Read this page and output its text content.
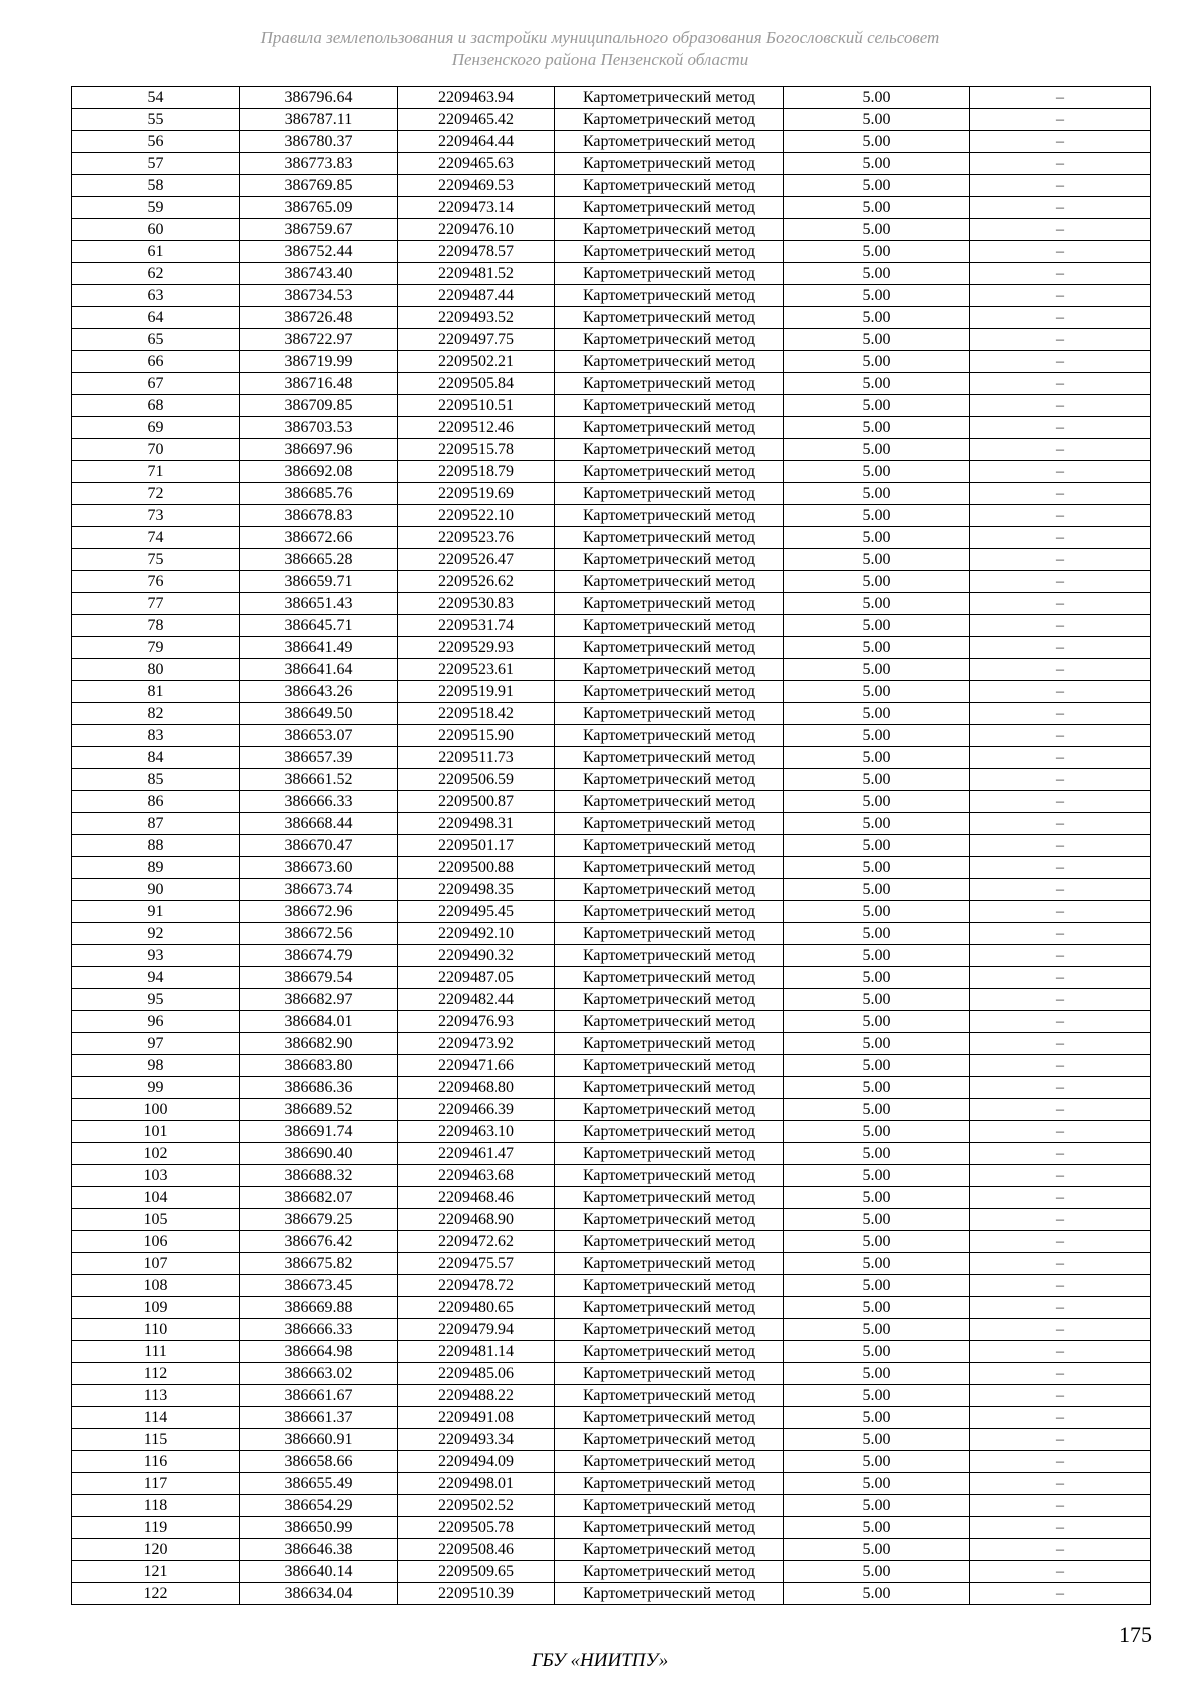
Правила землепользования и застройки муниципального образования Богословский сельсовет
Пензенского района Пензенской области
54	386796.64	2209463.94	Картометрический метод	5.00	–
55	386787.11	2209465.42	Картометрический метод	5.00	–
56	386780.37	2209464.44	Картометрический метод	5.00	–
57	386773.83	2209465.63	Картометрический метод	5.00	–
58	386769.85	2209469.53	Картометрический метод	5.00	–
59	386765.09	2209473.14	Картометрический метод	5.00	–
60	386759.67	2209476.10	Картометрический метод	5.00	–
61	386752.44	2209478.57	Картометрический метод	5.00	–
62	386743.40	2209481.52	Картометрический метод	5.00	–
63	386734.53	2209487.44	Картометрический метод	5.00	–
64	386726.48	2209493.52	Картометрический метод	5.00	–
65	386722.97	2209497.75	Картометрический метод	5.00	–
66	386719.99	2209502.21	Картометрический метод	5.00	–
67	386716.48	2209505.84	Картометрический метод	5.00	–
68	386709.85	2209510.51	Картометрический метод	5.00	–
69	386703.53	2209512.46	Картометрический метод	5.00	–
70	386697.96	2209515.78	Картометрический метод	5.00	–
71	386692.08	2209518.79	Картометрический метод	5.00	–
72	386685.76	2209519.69	Картометрический метод	5.00	–
73	386678.83	2209522.10	Картометрический метод	5.00	–
74	386672.66	2209523.76	Картометрический метод	5.00	–
75	386665.28	2209526.47	Картометрический метод	5.00	–
76	386659.71	2209526.62	Картометрический метод	5.00	–
77	386651.43	2209530.83	Картометрический метод	5.00	–
78	386645.71	2209531.74	Картометрический метод	5.00	–
79	386641.49	2209529.93	Картометрический метод	5.00	–
80	386641.64	2209523.61	Картометрический метод	5.00	–
81	386643.26	2209519.91	Картометрический метод	5.00	–
82	386649.50	2209518.42	Картометрический метод	5.00	–
83	386653.07	2209515.90	Картометрический метод	5.00	–
84	386657.39	2209511.73	Картометрический метод	5.00	–
85	386661.52	2209506.59	Картометрический метод	5.00	–
86	386666.33	2209500.87	Картометрический метод	5.00	–
87	386668.44	2209498.31	Картометрический метод	5.00	–
88	386670.47	2209501.17	Картометрический метод	5.00	–
89	386673.60	2209500.88	Картометрический метод	5.00	–
90	386673.74	2209498.35	Картометрический метод	5.00	–
91	386672.96	2209495.45	Картометрический метод	5.00	–
92	386672.56	2209492.10	Картометрический метод	5.00	–
93	386674.79	2209490.32	Картометрический метод	5.00	–
94	386679.54	2209487.05	Картометрический метод	5.00	–
95	386682.97	2209482.44	Картометрический метод	5.00	–
96	386684.01	2209476.93	Картометрический метод	5.00	–
97	386682.90	2209473.92	Картометрический метод	5.00	–
98	386683.80	2209471.66	Картометрический метод	5.00	–
99	386686.36	2209468.80	Картометрический метод	5.00	–
100	386689.52	2209466.39	Картометрический метод	5.00	–
101	386691.74	2209463.10	Картометрический метод	5.00	–
102	386690.40	2209461.47	Картометрический метод	5.00	–
103	386688.32	2209463.68	Картометрический метод	5.00	–
104	386682.07	2209468.46	Картометрический метод	5.00	–
105	386679.25	2209468.90	Картометрический метод	5.00	–
106	386676.42	2209472.62	Картометрический метод	5.00	–
107	386675.82	2209475.57	Картометрический метод	5.00	–
108	386673.45	2209478.72	Картометрический метод	5.00	–
109	386669.88	2209480.65	Картометрический метод	5.00	–
110	386666.33	2209479.94	Картометрический метод	5.00	–
111	386664.98	2209481.14	Картометрический метод	5.00	–
112	386663.02	2209485.06	Картометрический метод	5.00	–
113	386661.67	2209488.22	Картометрический метод	5.00	–
114	386661.37	2209491.08	Картометрический метод	5.00	–
115	386660.91	2209493.34	Картометрический метод	5.00	–
116	386658.66	2209494.09	Картометрический метод	5.00	–
117	386655.49	2209498.01	Картометрический метод	5.00	–
118	386654.29	2209502.52	Картометрический метод	5.00	–
119	386650.99	2209505.78	Картометрический метод	5.00	–
120	386646.38	2209508.46	Картометрический метод	5.00	–
121	386640.14	2209509.65	Картометрический метод	5.00	–
122	386634.04	2209510.39	Картометрический метод	5.00	–
175
ГБУ «НИИТПУ»
